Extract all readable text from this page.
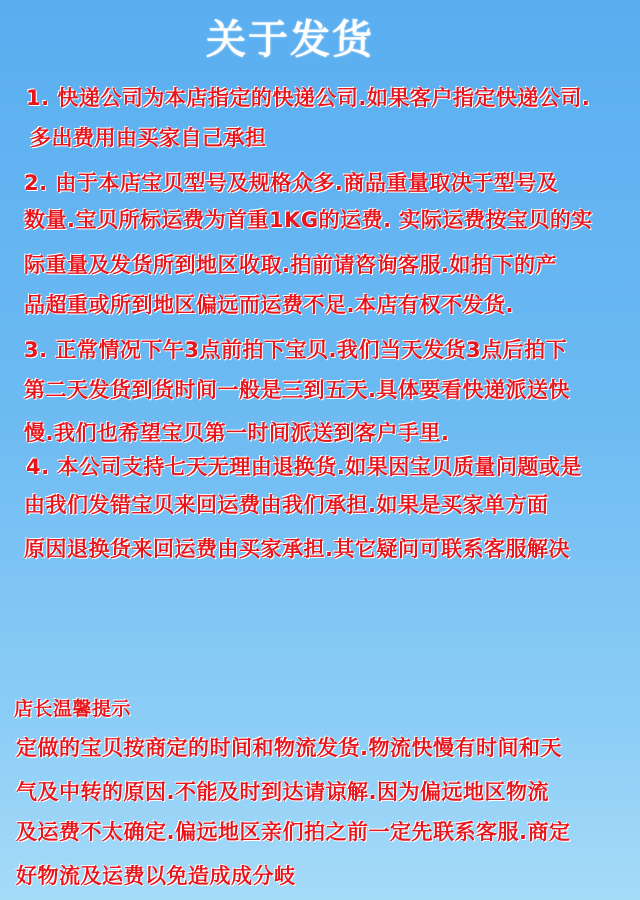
关于发货
1. 快递公司为本店指定的快递公司.如果客户指定快递公司.
多出费用由买家自己承担
2. 由于本店宝贝型号及规格众多.商品重量取决于型号及
数量.宝贝所标运费为首重1KG的运费. 实际运费按宝贝的实
际重量及发货所到地区收取.拍前请咨询客服.如拍下的产
品超重或所到地区偏远而运费不足.本店有权不发货.
3. 正常情况下午3点前拍下宝贝.我们当天发货3点后拍下
第二天发货到货时间一般是三到五天.具体要看快递派送快
慢.我们也希望宝贝第一时间派送到客户手里.
4. 本公司支持七天无理由退换货.如果因宝贝质量问题或是
由我们发错宝贝来回运费由我们承担.如果是买家单方面
原因退换货来回运费由买家承担.其它疑问可联系客服解决
店长温馨提示
定做的宝贝按商定的时间和物流发货.物流快慢有时间和天
气及中转的原因.不能及时到达请谅解.因为偏远地区物流
及运费不太确定.偏远地区亲们拍之前一定先联系客服.商定
好物流及运费以免造成成分岐
